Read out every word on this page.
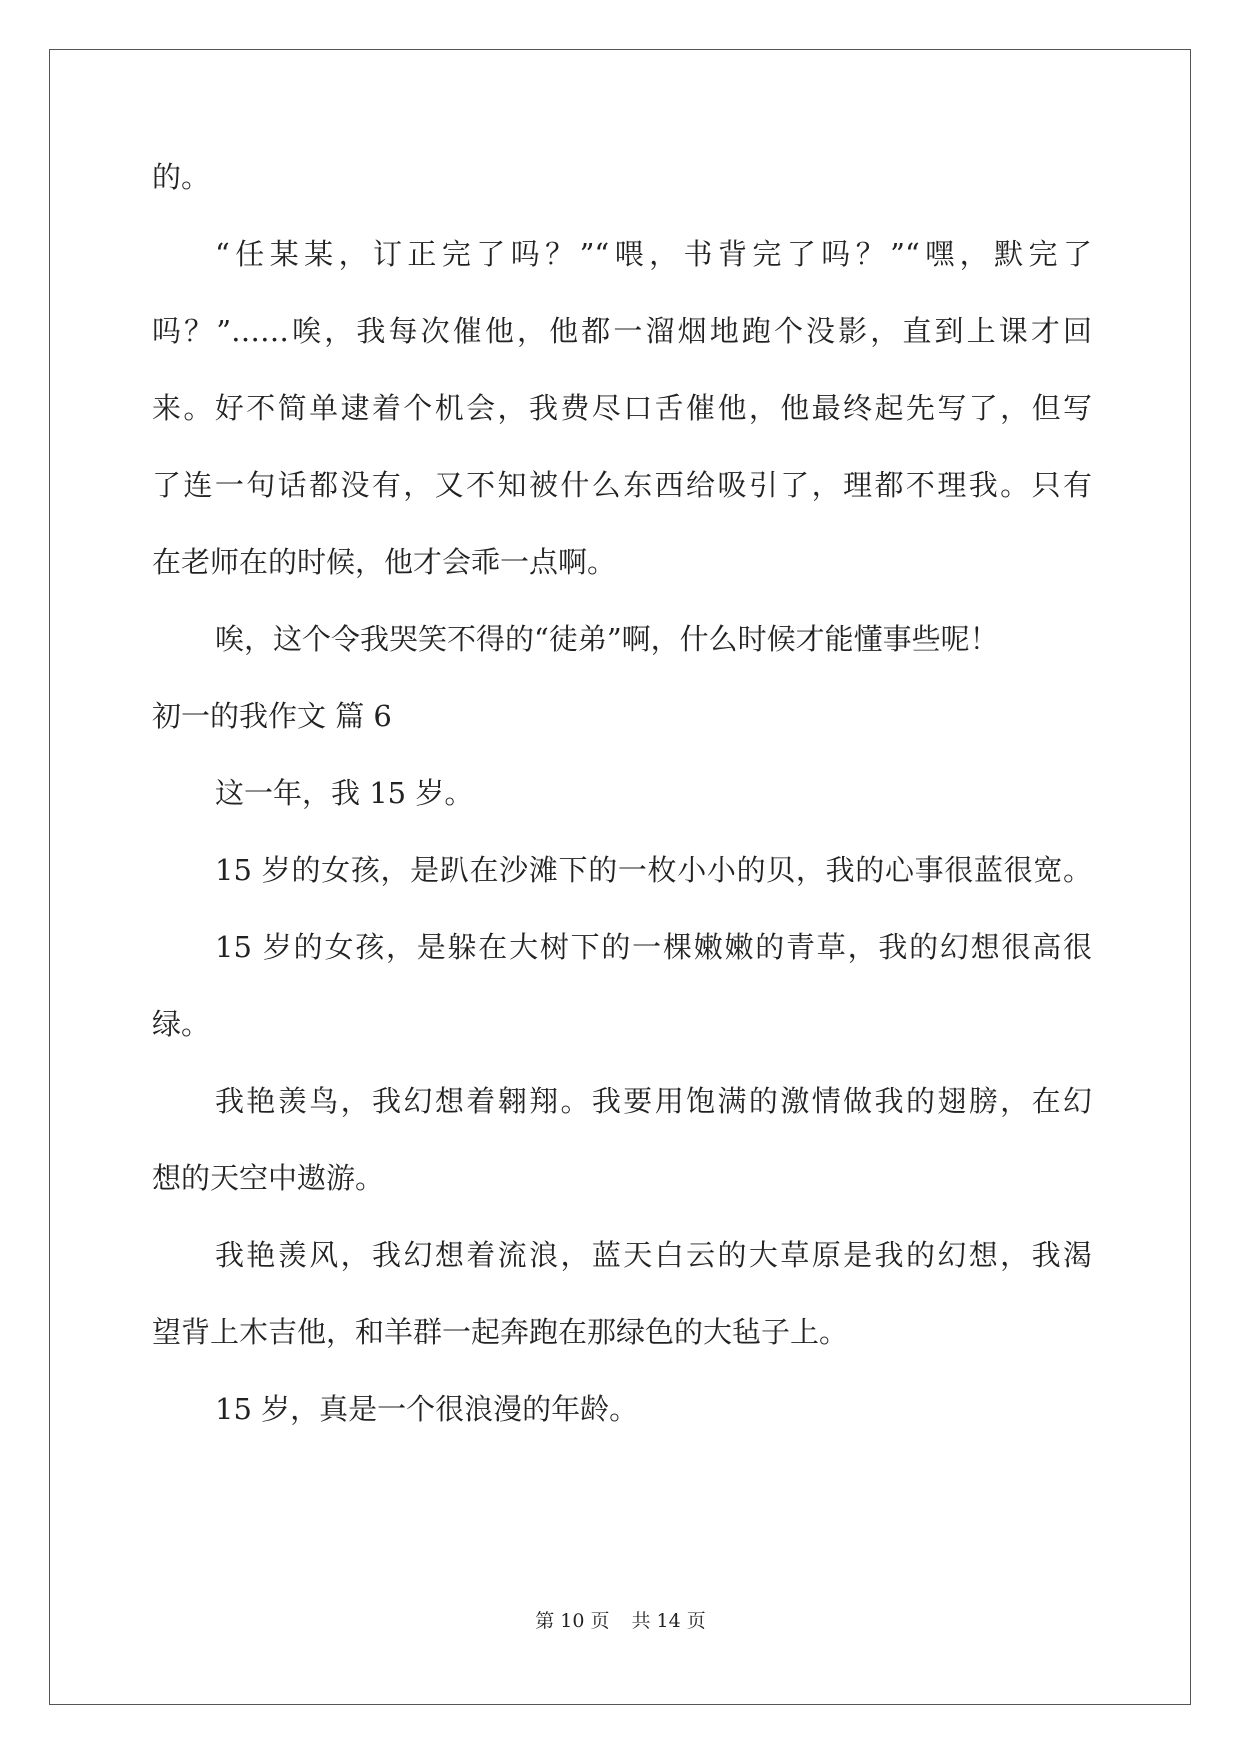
的。
“任某某，订正完了吗？”“喂，书背完了吗？”“嘿，默完了
吗？”……唉，我每次催他，他都一溜烟地跑个没影，直到上课才回
来。好不简单逮着个机会，我费尽口舌催他，他最终起先写了，但写
了连一句话都没有，又不知被什么东西给吸引了，理都不理我。只有
在老师在的时候，他才会乖一点啊。
唉，这个令我哭笑不得的“徒弟”啊，什么时候才能懂事些呢！
初一的我作文 篇 6
这一年，我 15 岁。
15 岁的女孩，是趴在沙滩下的一枚小小的贝，我的心事很蓝很宽。
15 岁的女孩，是躲在大树下的一棵嫩嫩的青草，我的幻想很高很
绿。
我艳羡鸟，我幻想着翱翔。我要用饱满的激情做我的翅膀，在幻
想的天空中遨游。
我艳羡风，我幻想着流浪，蓝天白云的大草原是我的幻想，我渴
望背上木吉他，和羊群一起奔跑在那绿色的大毡子上。
15 岁，真是一个很浪漫的年龄。
第 10 页 共 14 页
